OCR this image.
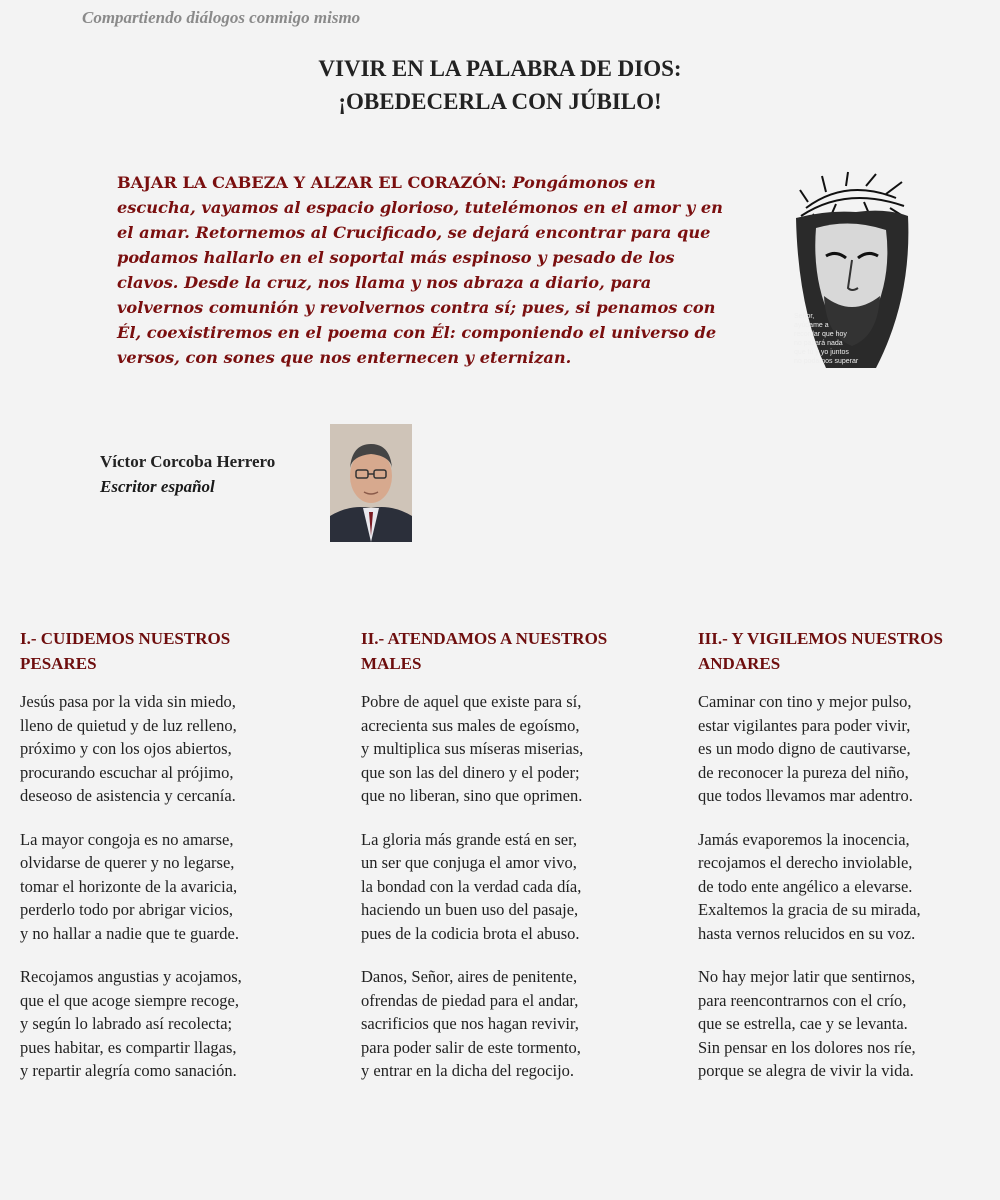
Compartiendo diálogos conmigo mismo
VIVIR EN LA PALABRA DE DIOS:
¡OBEDECERLA CON JÚBILO!
BAJAR LA CABEZA Y ALZAR EL CORAZÓN: Pongámonos en escucha, vayamos al espacio glorioso, tutelémonos en el amor y en el amar. Retornemos al Crucificado, se dejará encontrar para que podamos hallarlo en el soportal más espinoso y pesado de los clavos. Desde la cruz, nos llama y nos abraza a diario, para volvernos comunión y revolvernos contra sí; pues, si penamos con Él, coexistiremos en el poema con Él: componiendo el universo de versos, con sones que nos enternecen y eternizan.
Señor,
ayúdame a
recordar que hoy
no pasará nada
que tú y yo juntos
no podamos superar
Víctor Corcoba Herrero
Escritor español
I.- CUIDEMOS NUESTROS
PESARES
Jesús pasa por la vida sin miedo,
lleno de quietud y de luz relleno,
próximo y con los ojos abiertos,
procurando escuchar al prójimo,
deseoso de asistencia y cercanía.
La mayor congoja es no amarse,
olvidarse de querer y no legarse,
tomar el horizonte de la avaricia,
perderlo todo por abrigar vicios,
y no hallar a nadie que te guarde.
Recojamos angustias y acojamos,
que el que acoge siempre recoge,
y según lo labrado así recolecta;
pues habitar, es compartir llagas,
y repartir alegría como sanación.
II.- ATENDAMOS A NUESTROS
MALES
Pobre de aquel que existe para sí,
acrecienta sus males de egoísmo,
y multiplica sus míseras miserias,
que son las del dinero y el poder;
que no liberan, sino que oprimen.
La gloria más grande está en ser,
un ser que conjuga el amor vivo,
la bondad con la verdad cada día,
haciendo un buen uso del pasaje,
pues de la codicia brota el abuso.
Danos, Señor, aires de penitente,
ofrendas de piedad para el andar,
sacrificios que nos hagan revivir,
para poder salir de este tormento,
y entrar en la dicha del regocijo.
III.- Y VIGILEMOS NUESTROS
ANDARES
Caminar con tino y mejor pulso,
estar vigilantes para poder vivir,
es un modo digno de cautivarse,
de reconocer la pureza del niño,
que todos llevamos mar adentro.
Jamás evaporemos la inocencia,
recojamos el derecho inviolable,
de todo ente angélico a elevarse.
Exaltemos la gracia de su mirada,
hasta vernos relucidos en su voz.
No hay mejor latir que sentirnos,
para reencontrarnos con el crío,
que se estrella, cae y se levanta.
Sin pensar en los dolores nos ríe,
porque se alegra de vivir la vida.
